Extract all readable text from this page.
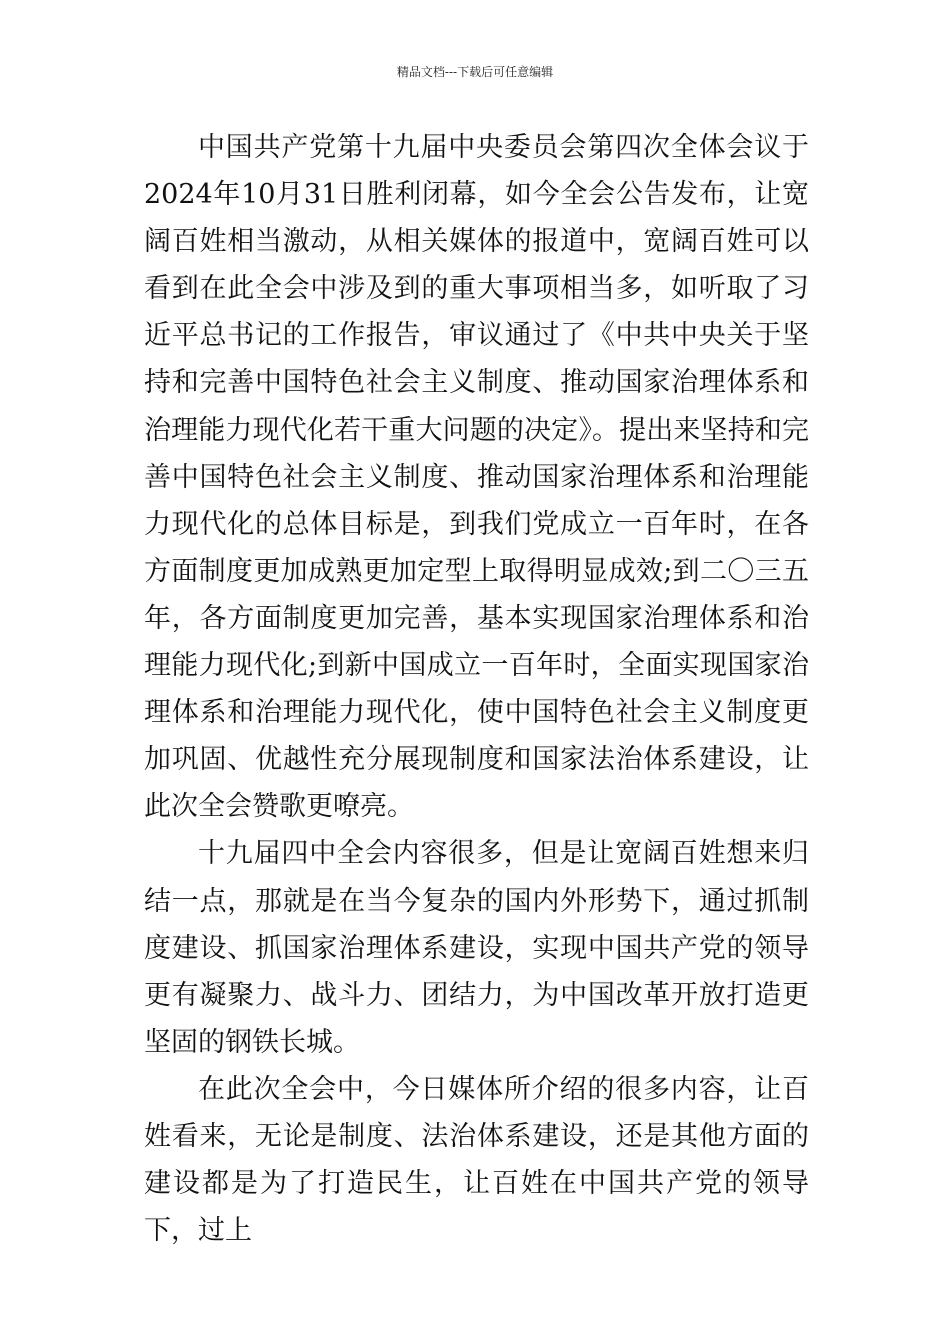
精品文档---下载后可任意编辑

中国共产党第十九届中央委员会第四次全体会议于2024年10月31日胜利闭幕，如今全会公告发布，让宽阔百姓相当激动，从相关媒体的报道中，宽阔百姓可以看到在此全会中涉及到的重大事项相当多，如听取了习近平总书记的工作报告，审议通过了《中共中央关于坚持和完善中国特色社会主义制度、推动国家治理体系和治理能力现代化若干重大问题的决定》。提出来坚持和完善中国特色社会主义制度、推动国家治理体系和治理能力现代化的总体目标是，到我们党成立一百年时，在各方面制度更加成熟更加定型上取得明显成效;到二〇三五年，各方面制度更加完善，基本实现国家治理体系和治理能力现代化;到新中国成立一百年时，全面实现国家治理体系和治理能力现代化，使中国特色社会主义制度更加巩固、优越性充分展现制度和国家法治体系建设，让此次全会赞歌更嘹亮。

十九届四中全会内容很多，但是让宽阔百姓想来归结一点，那就是在当今复杂的国内外形势下，通过抓制度建设、抓国家治理体系建设，实现中国共产党的领导更有凝聚力、战斗力、团结力，为中国改革开放打造更坚固的钢铁长城。

在此次全会中，今日媒体所介绍的很多内容，让百姓看来，无论是制度、法治体系建设，还是其他方面的建设都是为了打造民生，让百姓在中国共产党的领导下，过上
